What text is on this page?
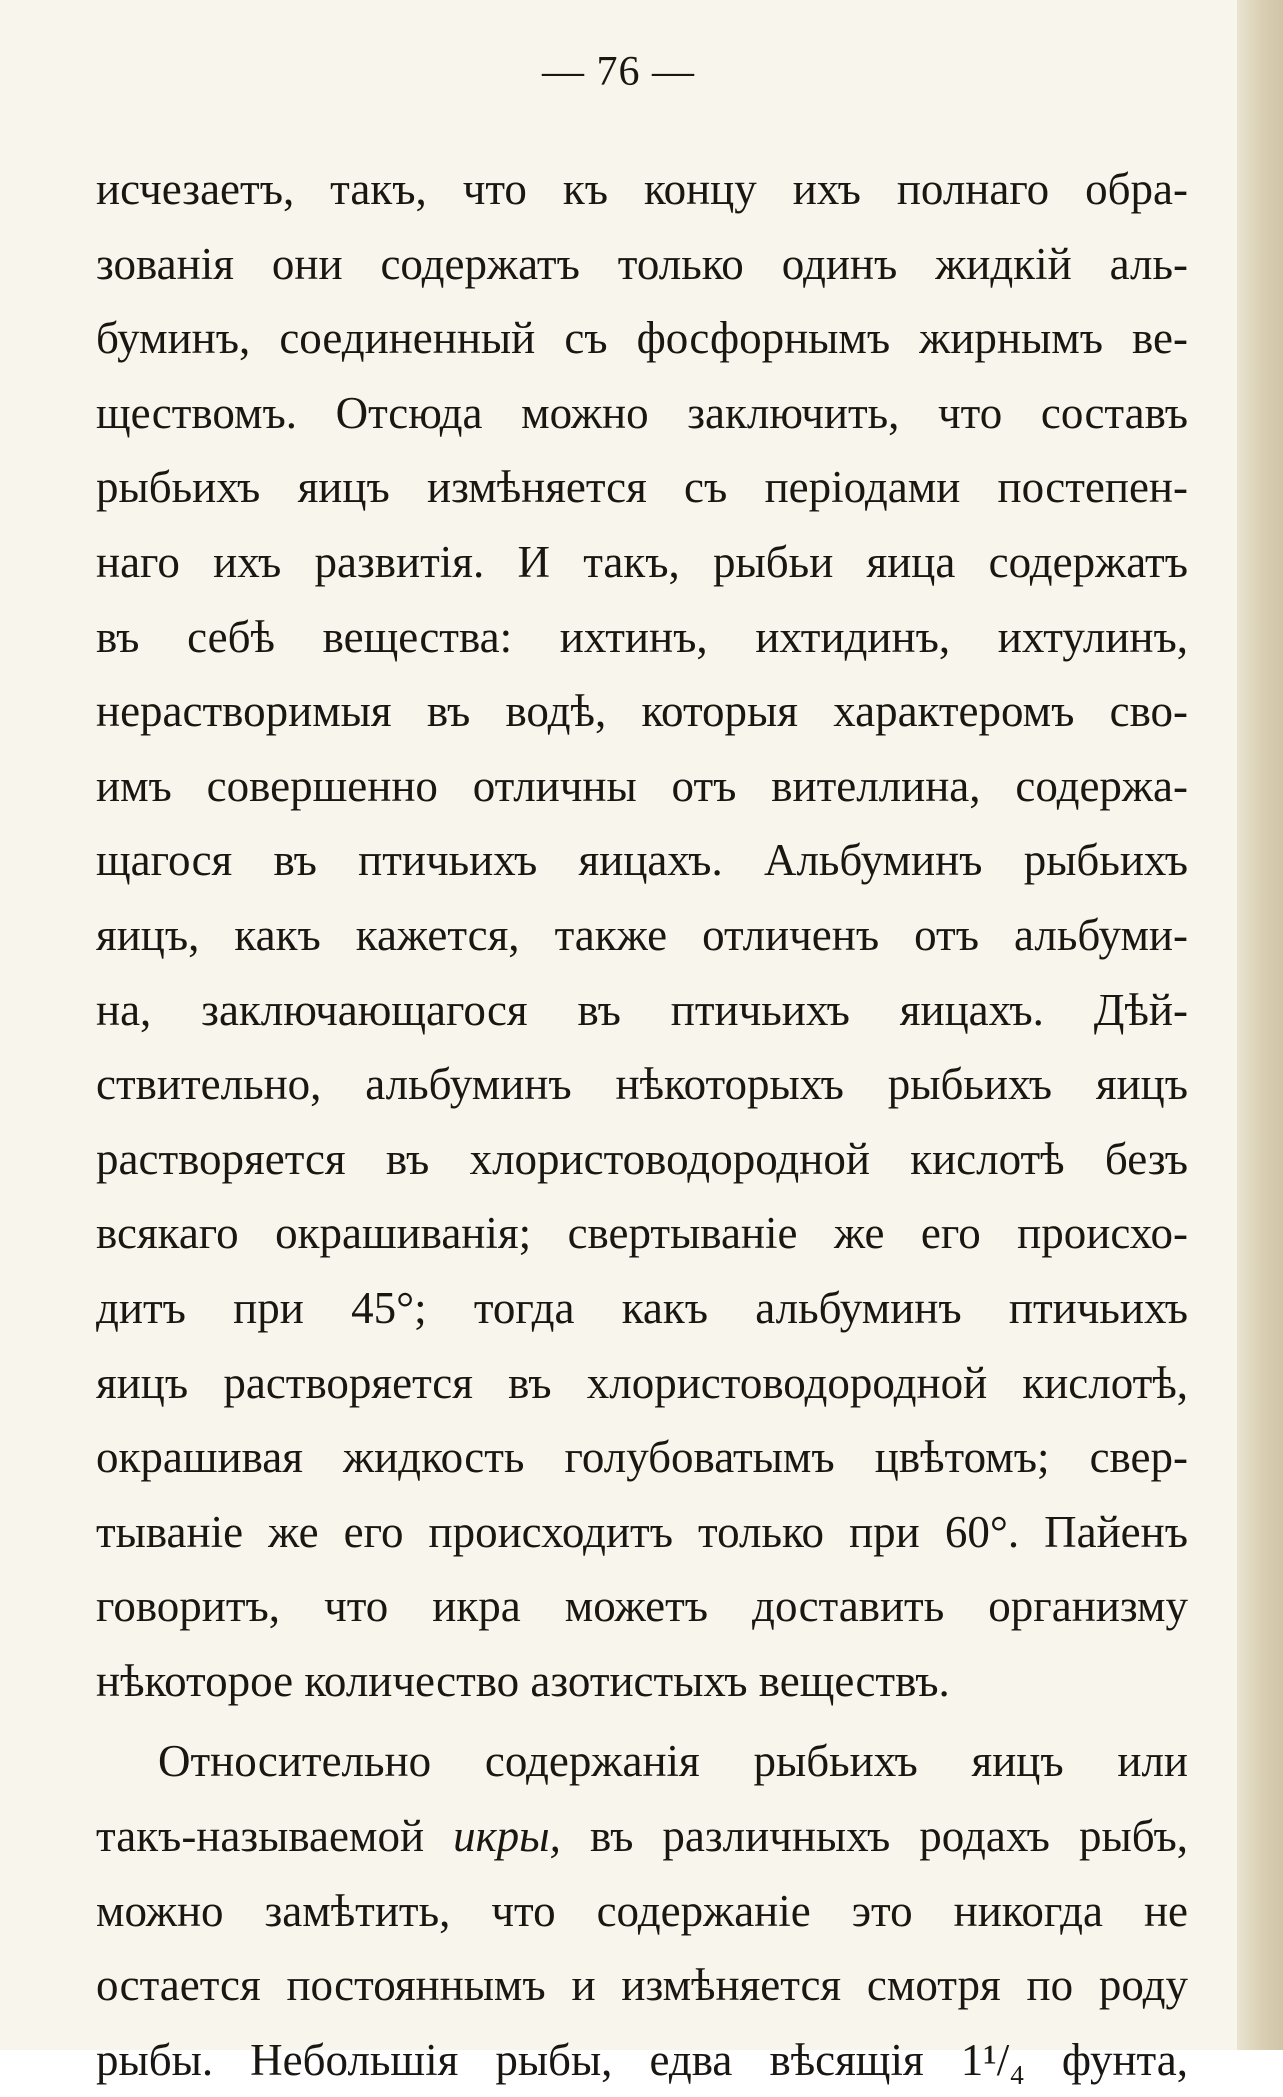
— 76 —
исчезаетъ, такъ, что къ концу ихъ полнаго обра-
зованія они содержатъ только одинъ жидкій аль-
буминъ, соединенный съ фосфорнымъ жирнымъ ве-
ществомъ. Отсюда можно заключить, что составъ
рыбьихъ яицъ измѣняется съ періодами постепен-
наго ихъ развитія. И такъ, рыбьи яица содержатъ
въ себѣ вещества: ихтинъ, ихтидинъ, ихтулинъ,
нерастворимыя въ водѣ, которыя характеромъ сво-
имъ совершенно отличны отъ вителлина, содержа-
щагося въ птичьихъ яицахъ. Альбуминъ рыбьихъ
яицъ, какъ кажется, также отличенъ отъ альбуми-
на, заключающагося въ птичьихъ яицахъ. Дѣй-
ствительно, альбуминъ нѣкоторыхъ рыбьихъ яицъ
растворяется въ хлористоводородной кислотѣ безъ
всякаго окрашиванія; свертываніе же его происхо-
дитъ при 45°; тогда какъ альбуминъ птичьихъ
яицъ растворяется въ хлористоводородной кислотѣ,
окрашивая жидкость голубоватымъ цвѣтомъ; свер-
тываніе же его происходитъ только при 60°. Пайенъ
говоритъ, что икра можетъ доставить организму
нѣкоторое количество азотистыхъ веществъ.
Относительно содержанія рыбьихъ яицъ или
такъ-называемой икры, въ различныхъ родахъ рыбъ,
можно замѣтить, что содержаніе это никогда не
остается постояннымъ и измѣняется смотря по роду
рыбы. Небольшія рыбы, едва вѣсящія 1¹/₄ фунта,
